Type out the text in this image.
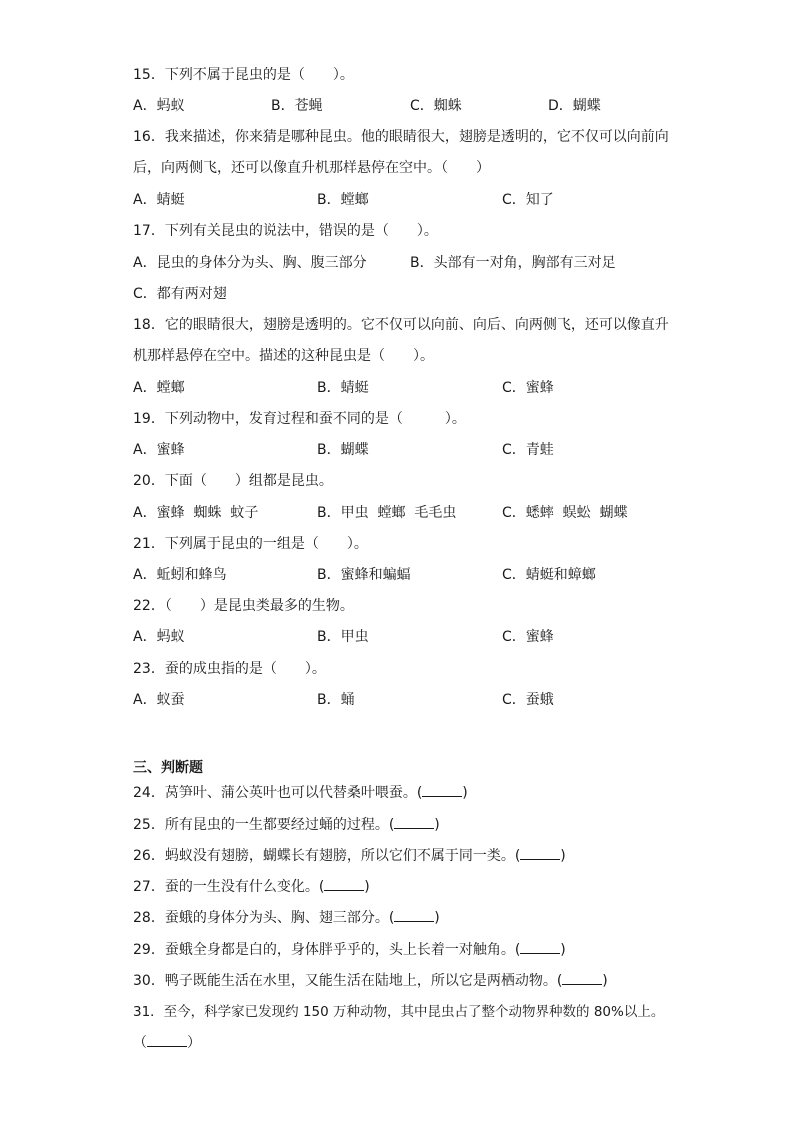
15．下列不属于昆虫的是（　　）。
A．蚂蚁	B．苍蝇	C．蜘蛛	D．蝴蝶
16．我来描述，你来猜是哪种昆虫。他的眼睛很大，翅膀是透明的，它不仅可以向前向
后，向两侧飞，还可以像直升机那样悬停在空中。（　　）
A．蜻蜓	B．螳螂	C．知了
17．下列有关昆虫的说法中，错误的是（　　）。
A．昆虫的身体分为头、胸、腹三部分	B．头部有一对角，胸部有三对足
C．都有两对翅
18．它的眼睛很大，翅膀是透明的。它不仅可以向前、向后、向两侧飞，还可以像直升
机那样悬停在空中。描述的这种昆虫是（　　）。
A．螳螂	B．蜻蜓	C．蜜蜂
19．下列动物中，发育过程和蚕不同的是（　　　）。
A．蜜蜂	B．蝴蝶	C．青蛙
20．下面（　　）组都是昆虫。
A．蜜蜂  蜘蛛  蚊子	B．甲虫  螳螂  毛毛虫	C．蟋蟀  蜈蚣  蝴蝶
21．下列属于昆虫的一组是（　　）。
A．蚯蚓和蜂鸟	B．蜜蜂和蝙蝠	C．蜻蜓和蟑螂
22．（　　）是昆虫类最多的生物。
A．蚂蚁	B．甲虫	C．蜜蜂
23．蚕的成虫指的是（　　）。
A．蚁蚕	B．蛹	C．蚕蛾
三、判断题
24．莴笋叶、蒲公英叶也可以代替桑叶喂蚕。(	)
25．所有昆虫的一生都要经过蛹的过程。(	)
26．蚂蚁没有翅膀，蝴蝶长有翅膀，所以它们不属于同一类。(	)
27．蚕的一生没有什么变化。(	)
28．蚕蛾的身体分为头、胸、翅三部分。(	)
29．蚕蛾全身都是白的，身体胖乎乎的，头上长着一对触角。(	)
30．鸭子既能生活在水里，又能生活在陆地上，所以它是两栖动物。(	)
31．至今，科学家已发现约 150 万种动物，其中昆虫占了整个动物界种数的 80%以上。
（	）
